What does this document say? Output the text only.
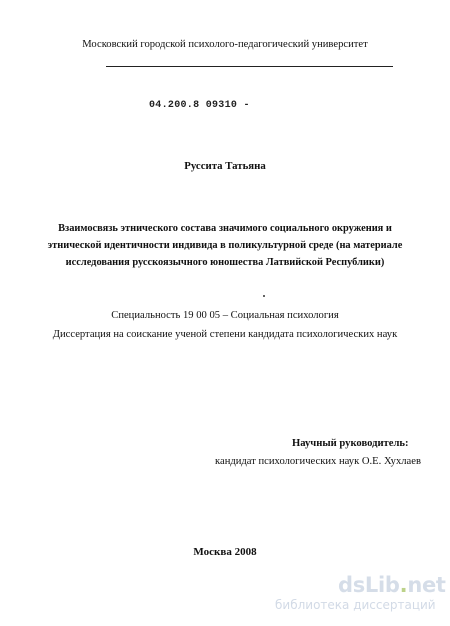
Московский городской психолого-педагогический университет
04.200.8 09310 -
Руссита Татьяна
Взаимосвязь этнического состава значимого социального окружения и
этнической идентичности индивида в поликультурной среде (на материале
исследования русскоязычного юношества Латвийской Республики)
Специальность 19 00 05 – Социальная психология
Диссертация на соискание ученой степени кандидата психологических наук
Научный руководитель:
кандидат психологических наук О.Е. Хухлаев
Москва 2008
dsLib.net
библиотека диссертаций
